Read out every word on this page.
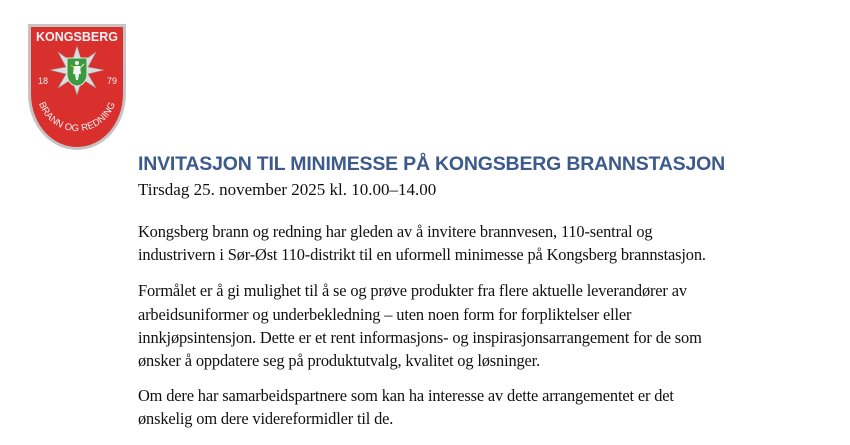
KONGSBERG
18	79
BRANN OG REDNING
INVITASJON TIL MINIMESSE PÅ KONGSBERG BRANNSTASJON
Tirsdag 25. november 2025 kl. 10.00–14.00

Kongsberg brann og redning har gleden av å invitere brannvesen, 110-sentral og
industrivern i Sør-Øst 110-distrikt til en uformell minimesse på Kongsberg brannstasjon.

Formålet er å gi mulighet til å se og prøve produkter fra flere aktuelle leverandører av
arbeidsuniformer og underbekledning – uten noen form for forpliktelser eller
innkjøpsintensjon. Dette er et rent informasjons- og inspirasjonsarrangement for de som
ønsker å oppdatere seg på produktutvalg, kvalitet og løsninger.

Om dere har samarbeidspartnere som kan ha interesse av dette arrangementet er det
ønskelig om dere videreformidler til de.
